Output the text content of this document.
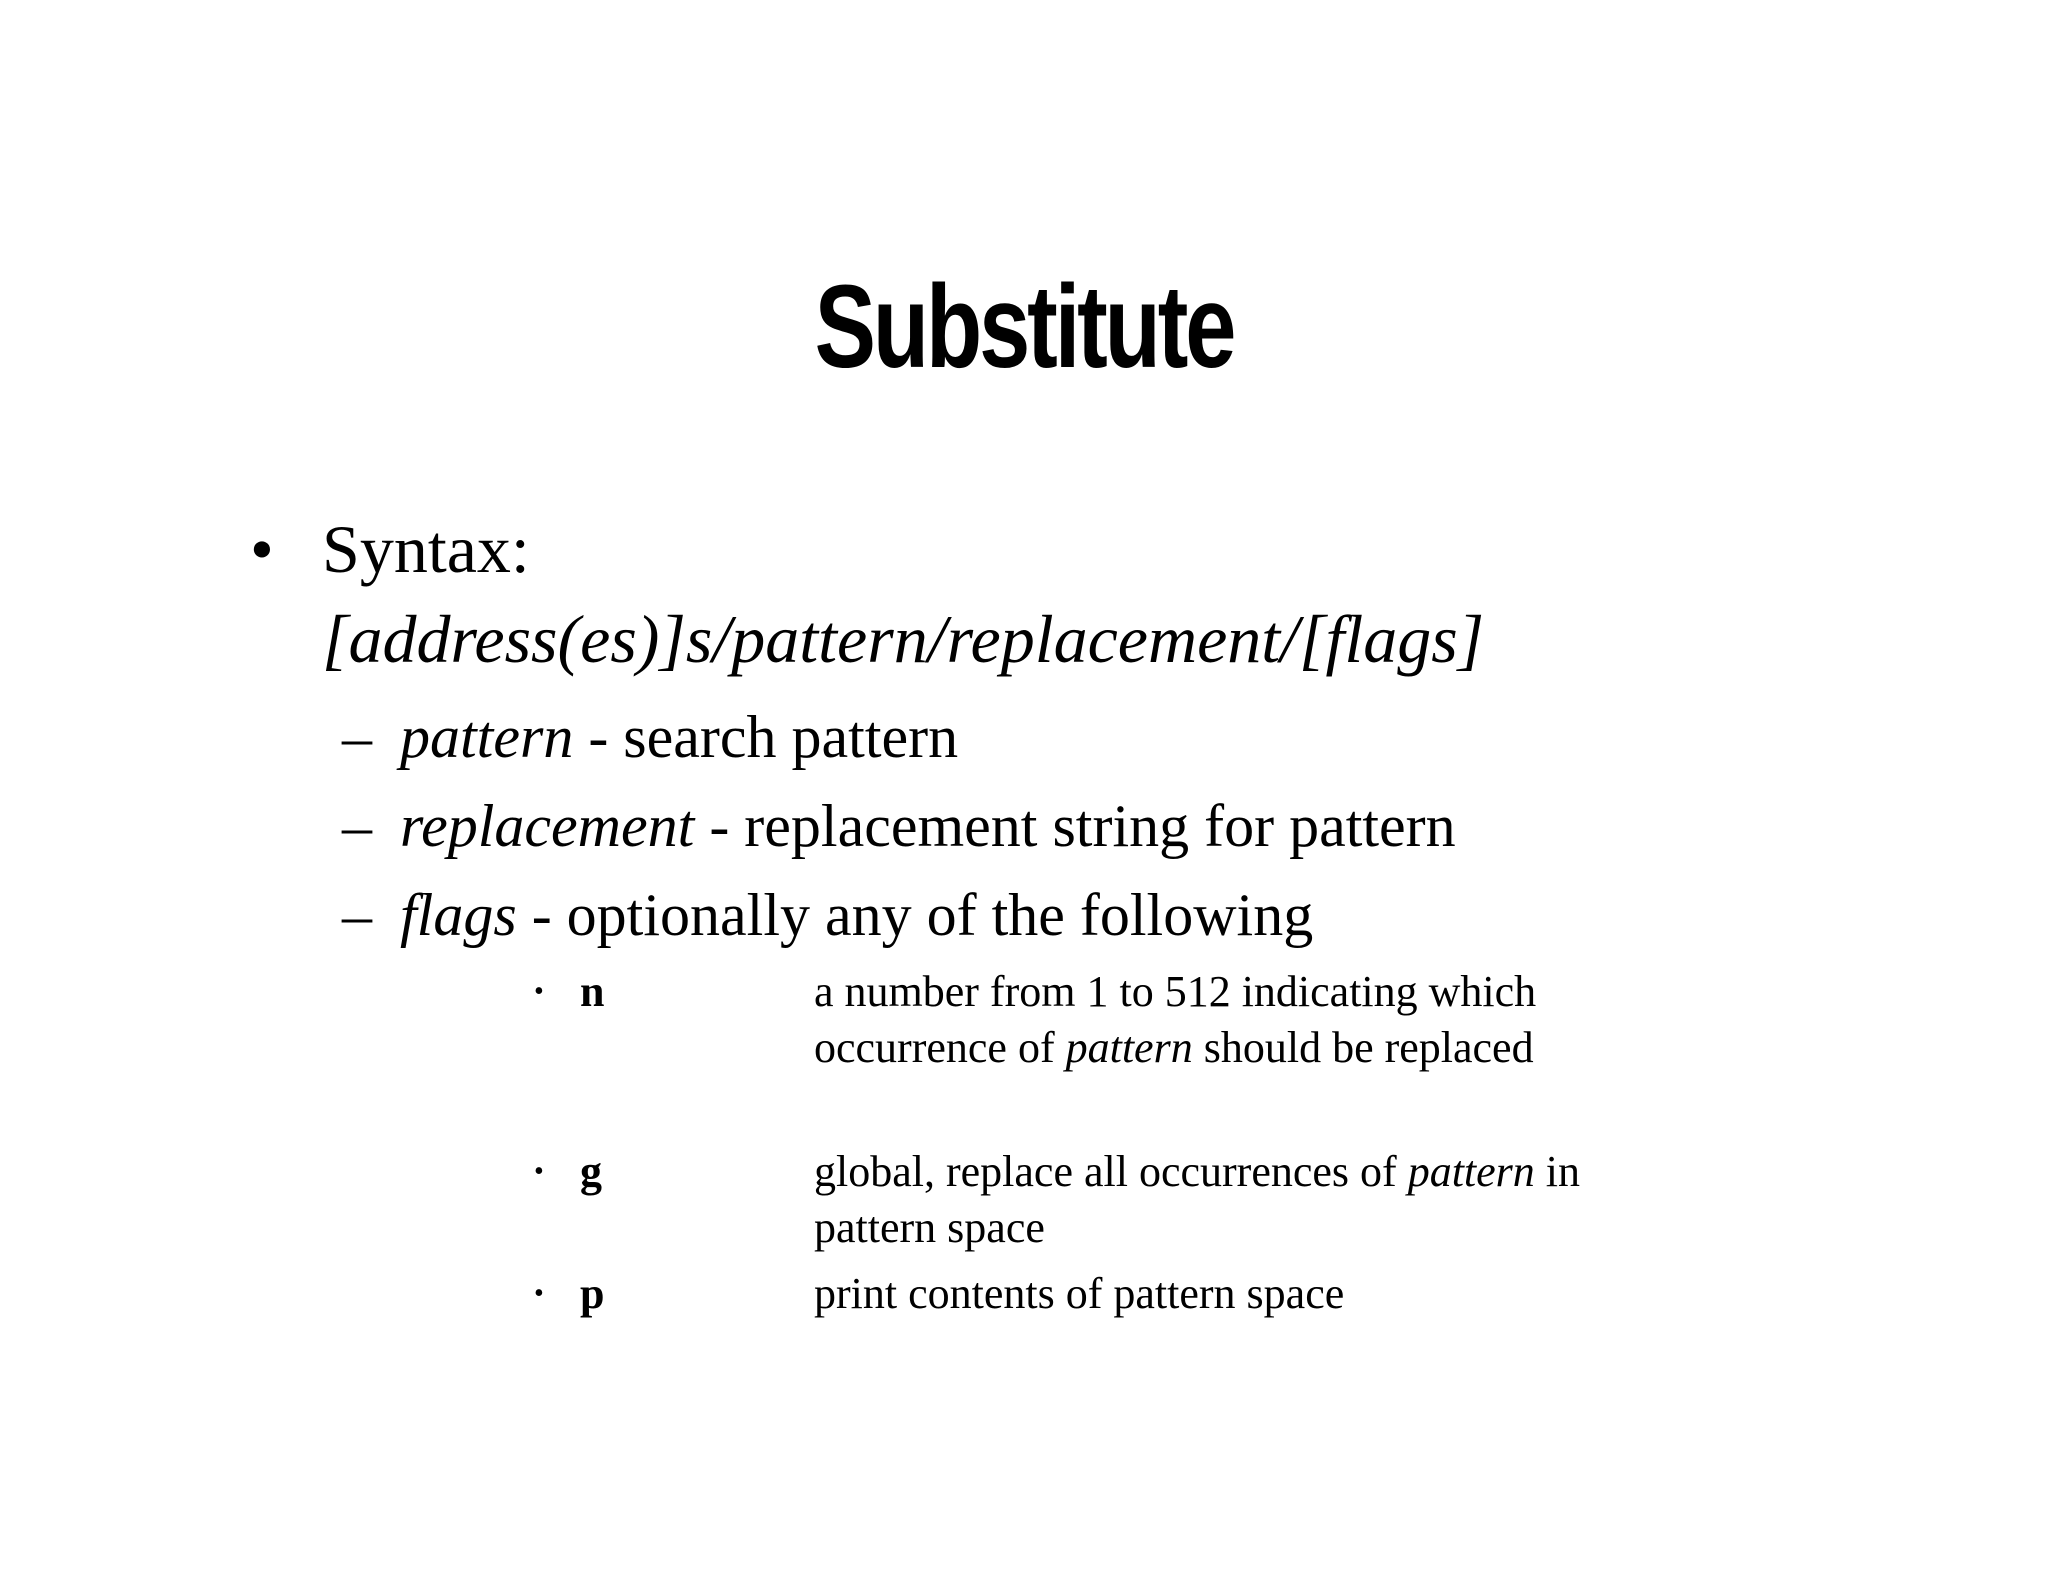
Substitute
• Syntax:
[address(es)]s/pattern/replacement/[flags]
– pattern - search pattern
– replacement - replacement string for pattern
– flags - optionally any of the following
• n	a number from 1 to 512 indicating which occurrence of pattern should be replaced
• g	global, replace all occurrences of pattern in pattern space
• p	print contents of pattern space
